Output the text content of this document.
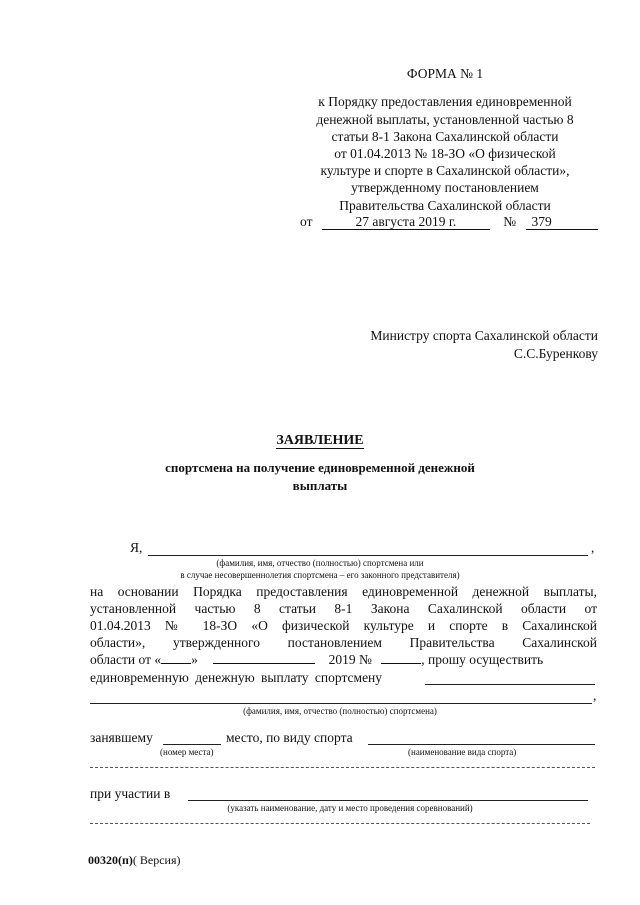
ФОРМА № 1
к Порядку предоставления единовременной
денежной выплаты, установленной частью 8
статьи 8-1 Закона Сахалинской области
от 01.04.2013 № 18-ЗО «О физической
культуре и спорте в Сахалинской области»,
утвержденному постановлением
Правительства Сахалинской области
от	27 августа 2019 г.	№ 379
Министру спорта Сахалинской области
С.С.Буренкову
ЗАЯВЛЕНИЕ
спортсмена на получение единовременной денежной
выплаты
Я,	,
(фамилия, имя, отчество (полностью) спортсмена или
в случае несовершеннолетия спортсмена – его законного представителя)
на основании Порядка предоставления единовременной денежной выплаты,
установленной частью 8 статьи 8-1 Закона Сахалинской области от
01.04.2013 № 18-ЗО «О физической культуре и спорте в Сахалинской
области», утвержденного постановлением Правительства Сахалинской
области от « »	2019 №	, прошу осуществить
единовременную денежную выплату спортсмену
,
(фамилия, имя, отчество (полностью) спортсмена)
занявшему	место, по виду спорта
(номер места)	(наименование вида спорта)
при участии в
(указать наименование, дату и место проведения соревнований)
00320(п)( Версия)
